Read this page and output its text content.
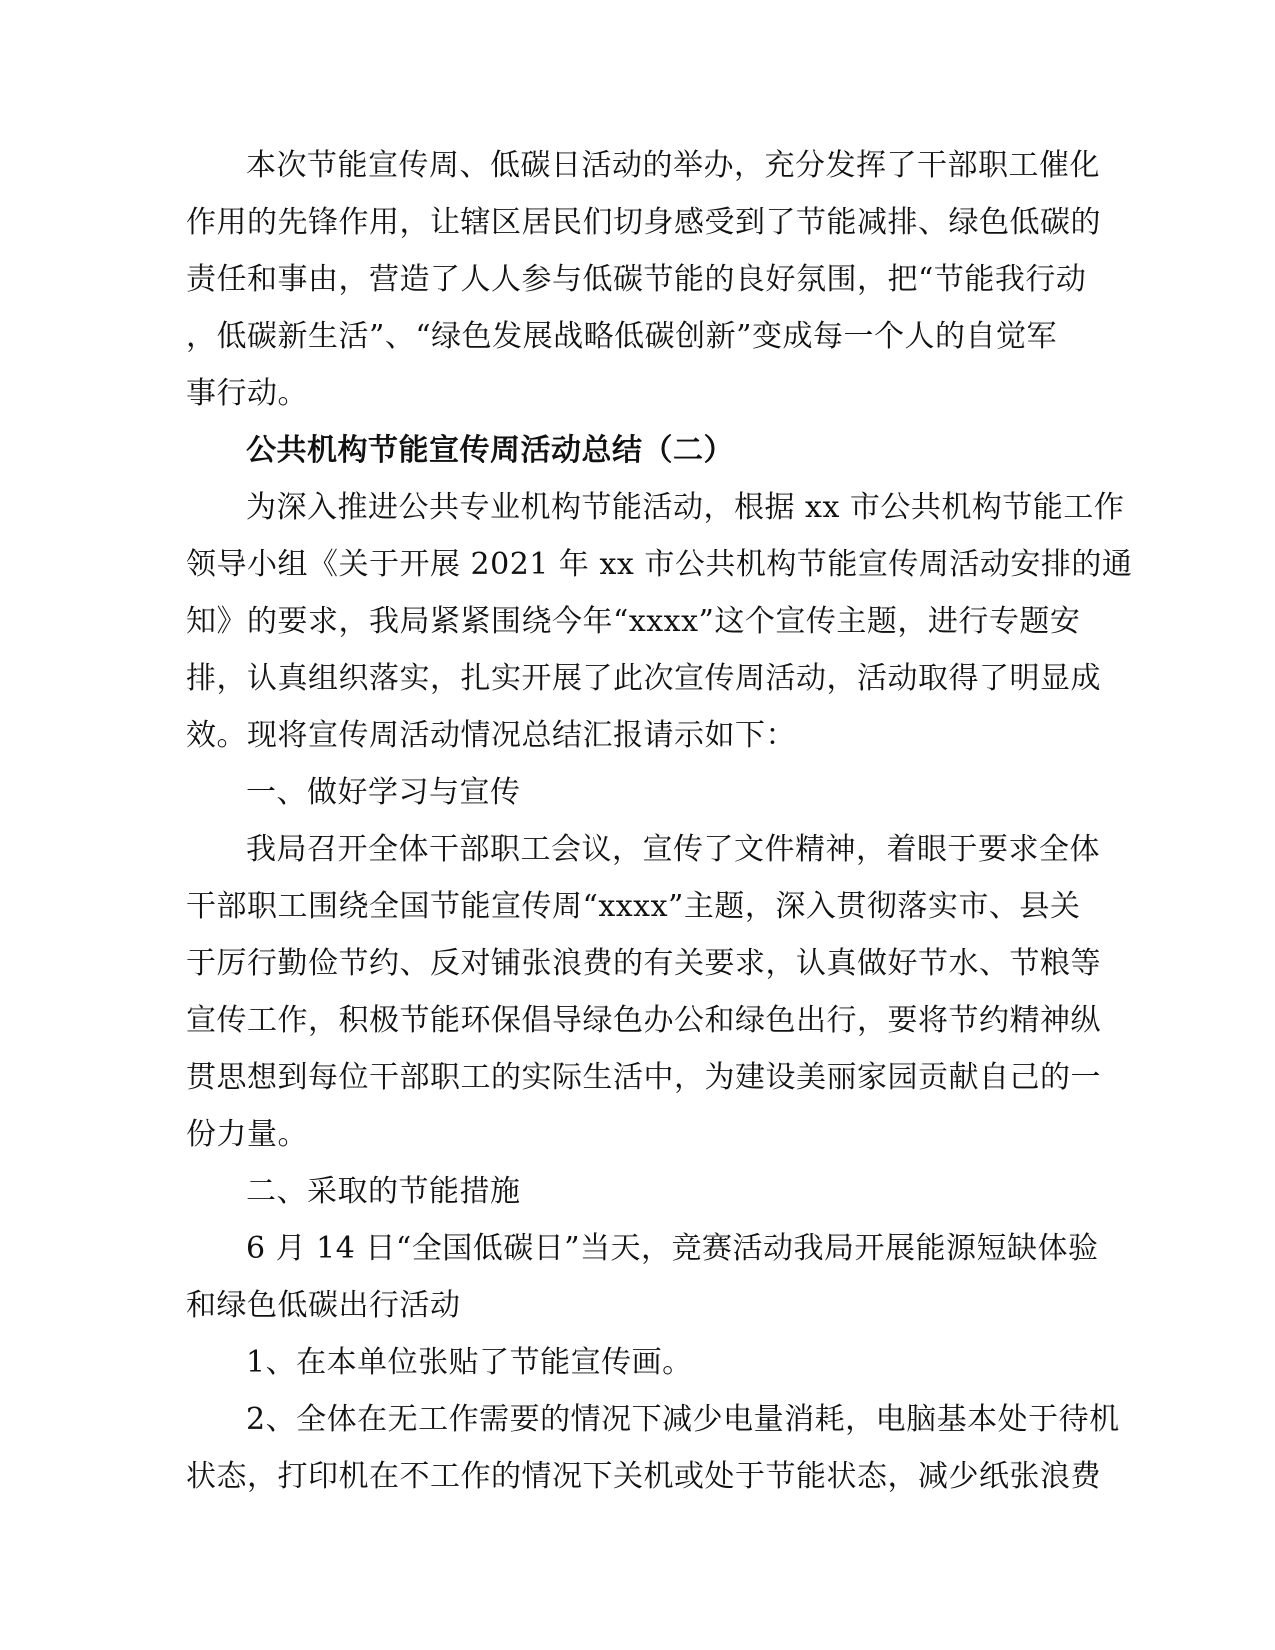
本次节能宣传周、低碳日活动的举办，充分发挥了干部职工催化
作用的先锋作用，让辖区居民们切身感受到了节能减排、绿色低碳的
责任和事由，营造了人人参与低碳节能的良好氛围，把“节能我行动
，低碳新生活”、“绿色发展战略低碳创新”变成每一个人的自觉军
事行动。
公共机构节能宣传周活动总结（二）
为深入推进公共专业机构节能活动，根据 xx 市公共机构节能工作
领导小组《关于开展 2021 年 xx 市公共机构节能宣传周活动安排的通
知》的要求，我局紧紧围绕今年“xxxx”这个宣传主题，进行专题安
排，认真组织落实，扎实开展了此次宣传周活动，活动取得了明显成
效。现将宣传周活动情况总结汇报请示如下：
一、做好学习与宣传
我局召开全体干部职工会议，宣传了文件精神，着眼于要求全体
干部职工围绕全国节能宣传周“xxxx”主题，深入贯彻落实市、县关
于厉行勤俭节约、反对铺张浪费的有关要求，认真做好节水、节粮等
宣传工作，积极节能环保倡导绿色办公和绿色出行，要将节约精神纵
贯思想到每位干部职工的实际生活中，为建设美丽家园贡献自己的一
份力量。
二、采取的节能措施
6 月 14 日“全国低碳日”当天，竞赛活动我局开展能源短缺体验
和绿色低碳出行活动
1、在本单位张贴了节能宣传画。
2、全体在无工作需要的情况下减少电量消耗，电脑基本处于待机
状态，打印机在不工作的情况下关机或处于节能状态，减少纸张浪费
